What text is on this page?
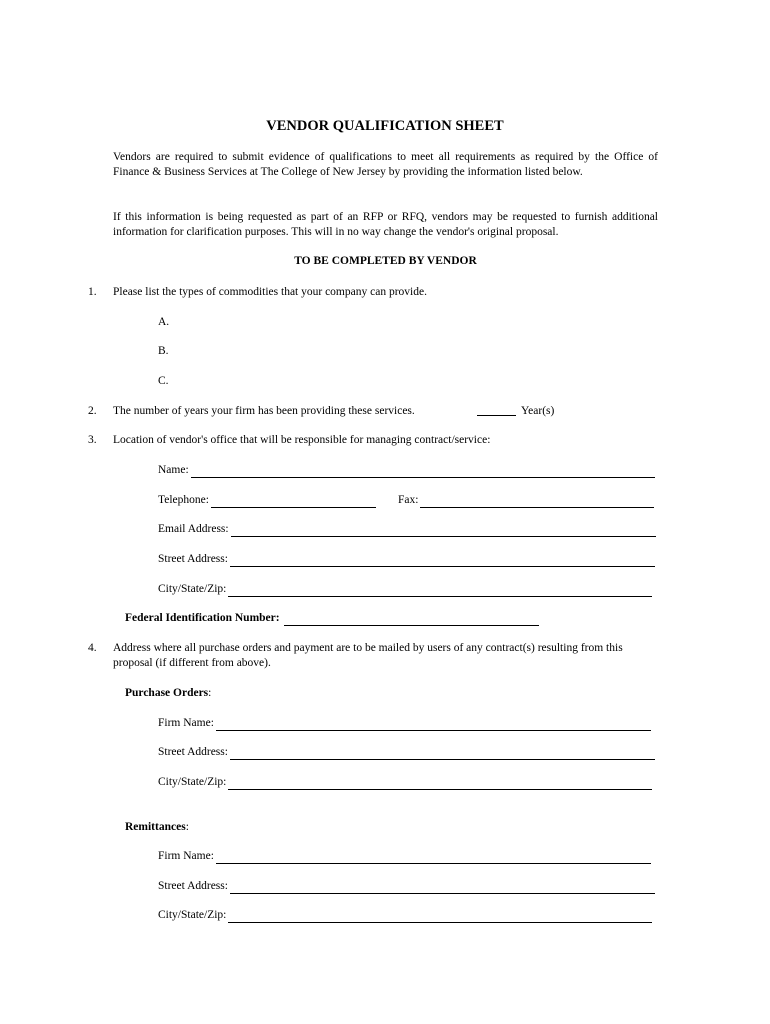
VENDOR QUALIFICATION SHEET
Vendors are required to submit evidence of qualifications to meet all requirements as required by the Office of Finance & Business Services at The College of New Jersey by providing the information listed below.
If this information is being requested as part of an RFP or RFQ, vendors may be requested to furnish additional information for clarification purposes. This will in no way change the vendor's original proposal.
TO BE COMPLETED BY VENDOR
1. Please list the types of commodities that your company can provide.
A.
B.
C.
2. The number of years your firm has been providing these services.	Year(s)
3. Location of vendor's office that will be responsible for managing contract/service:
Name:
Telephone:	Fax:
Email Address:
Street Address:
City/State/Zip:
Federal Identification Number:
4. Address where all purchase orders and payment are to be mailed by users of any contract(s) resulting from this proposal (if different from above).
Purchase Orders:
Firm Name:
Street Address:
City/State/Zip:
Remittances:
Firm Name:
Street Address:
City/State/Zip:
